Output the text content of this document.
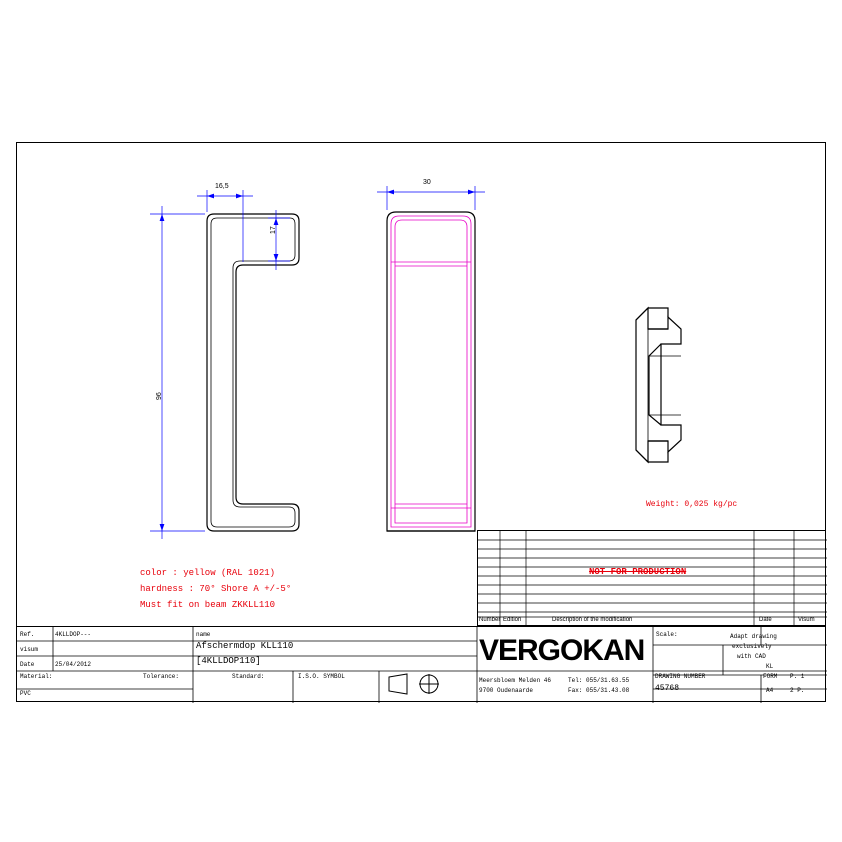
16,5
17
96
30
Weight: 0,025 kg/pc
color : yellow (RAL 1021)
hardness : 70° Shore A +/-5°
Must fit on beam ZKKLL110
NOT FOR PRODUCTION
Number Edition	Description of the modification	Date	Visum
Ref.	4KLLDOP---
visum
Date	25/04/2012
Material:
PVC
Tolerance:	Standard:	I.S.O. SYMBOL
name
Afschermdop KLL110
[4KLLDOP110]	VERGOKAN
Meersbloem Melden 46
9700 Oudenaarde
Tel: 055/31.63.55
Fax: 055/31.43.08
Scale:	Adapt drawing
exclusively
with CAD
KL
DRAWING NUMBER
45768
FORM
A4
P. 1
2 P.
